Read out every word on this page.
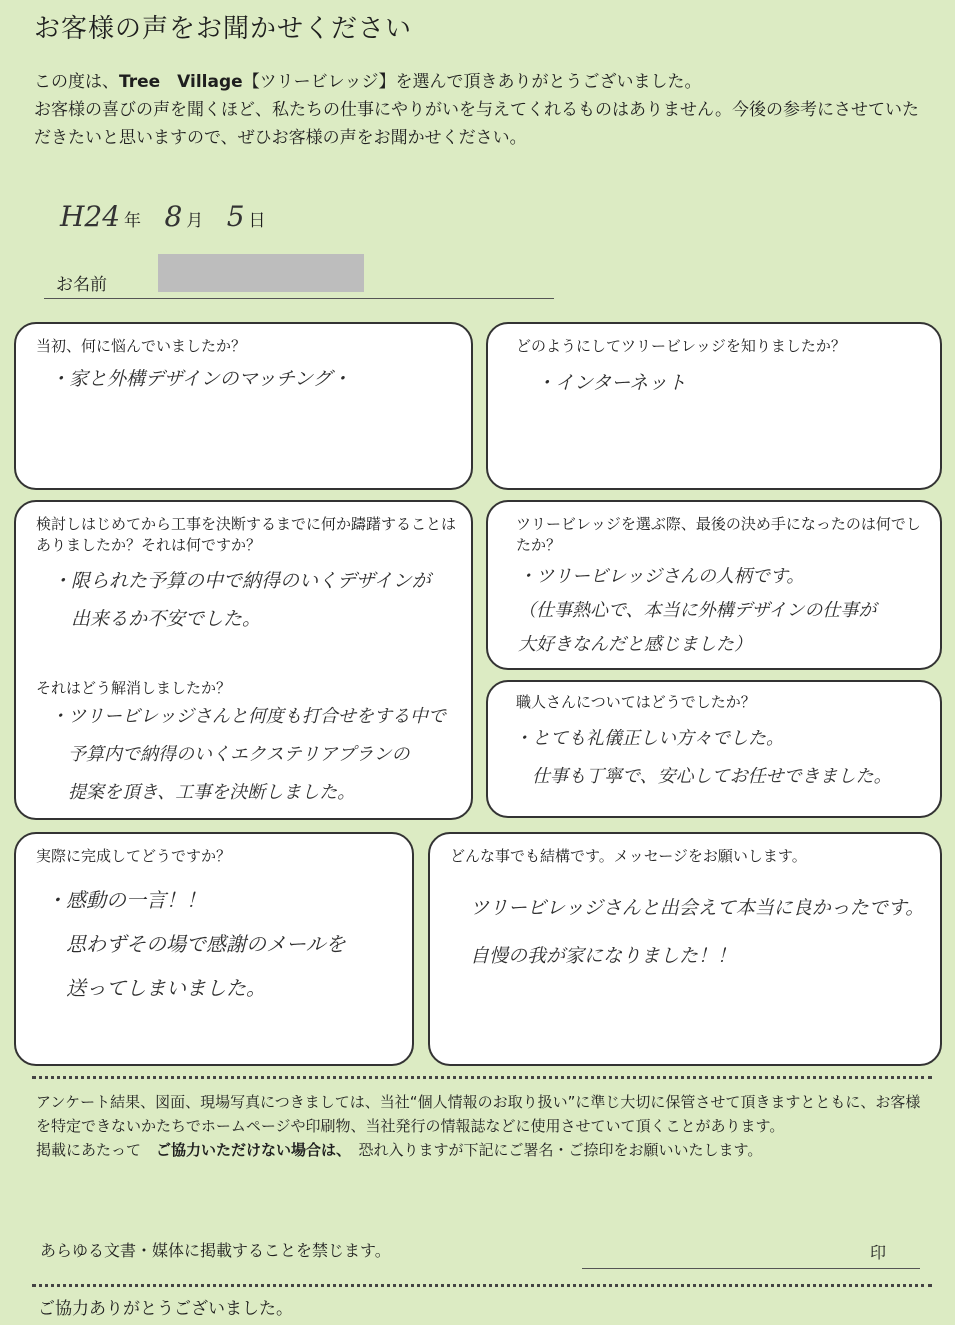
お客様の声をお聞かせください
この度は、Tree　Village【ツリービレッジ】を選んで頂きありがとうございました。
お客様の喜びの声を聞くほど、私たちの仕事にやりがいを与えてくれるものはありません。今後の参考にさせていただきたいと思いますので、ぜひお客様の声をお聞かせください。
H24 年 8 月 5 日
お名前
当初、何に悩んでいましたか？
・家と外構デザインのマッチング・
どのようにしてツリービレッジを知りましたか？
・インターネット
検討しはじめてから工事を決断するまでに何か躊躇することはありましたか？それは何ですか？
・限られた予算の中で納得のいくデザインが
　出来るか不安でした。
それはどう解消しましたか？
・ツリービレッジさんと何度も打合せをする中で
　予算内で納得のいくエクステリアプランの
　提案を頂き、工事を決断しました。
ツリービレッジを選ぶ際、最後の決め手になったのは何でしたか？
・ツリービレッジさんの人柄です。
（仕事熱心で、本当に外構デザインの仕事が
大好きなんだと感じました）
職人さんについてはどうでしたか？
・とても礼儀正しい方々でした。
　仕事も丁寧で、安心してお任せできました。
実際に完成してどうですか？
・感動の一言！！
　思わずその場で感謝のメールを
　送ってしまいました。
どんな事でも結構です。メッセージをお願いします。
ツリービレッジさんと出会えて本当に良かったです。
自慢の我が家になりました！！
アンケート結果、図面、現場写真につきましては、当社“個人情報のお取り扱い”に準じ大切に保管させて頂きますとともに、お客様を特定できないかたちでホームページや印刷物、当社発行の情報誌などに使用させていて頂くことがあります。
掲載にあたって　ご協力いただけない場合は、　恐れ入りますが下記にご署名・ご捺印をお願いいたします。
あらゆる文書・媒体に掲載することを禁じます。	印
ご協力ありがとうございました。
